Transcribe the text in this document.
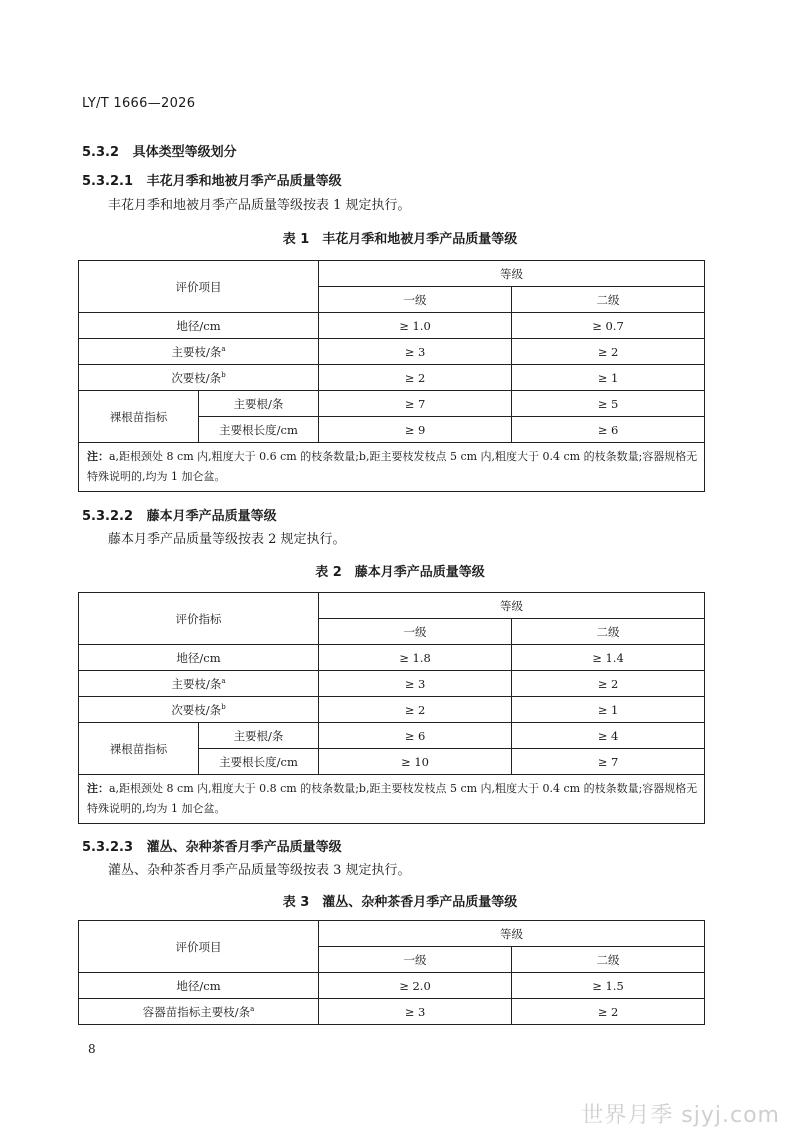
LY/T 1666—2026
5.3.2 具体类型等级划分
5.3.2.1 丰花月季和地被月季产品质量等级
丰花月季和地被月季产品质量等级按表 1 规定执行。
表 1　丰花月季和地被月季产品质量等级
评价项目		等级	
		一级	二级
地径/cm		≥ 1.0	≥ 0.7
主要枝/条$^a$		≥ 3	≥ 2
次要枝/条$^b$		≥ 2	≥ 1
裸根苗指标	主要根/条	≥ 7	≥ 5
	主要根长度/cm	≥ 9	≥ 6
注：a,距根颈处 8 cm 内,粗度大于 0.6 cm 的枝条数量;b,距主要枝发枝点 5 cm 内,粗度大于 0.4 cm 的枝条数量;容器规格无特殊说明的,均为 1 加仑盆。			
5.3.2.2 藤本月季产品质量等级
藤本月季产品质量等级按表 2 规定执行。
表 2　藤本月季产品质量等级
评价指标		等级	
		一级	二级
地径/cm		≥ 1.8	≥ 1.4
主要枝/条$^a$		≥ 3	≥ 2
次要枝/条$^b$		≥ 2	≥ 1
裸根苗指标	主要根/条	≥ 6	≥ 4
	主要根长度/cm	≥ 10	≥ 7
注：a,距根颈处 8 cm 内,粗度大于 0.8 cm 的枝条数量;b,距主要枝发枝点 5 cm 内,粗度大于 0.4 cm 的枝条数量;容器规格无特殊说明的,均为 1 加仑盆。			
5.3.2.3 灌丛、杂种茶香月季产品质量等级
灌丛、杂种茶香月季产品质量等级按表 3 规定执行。
表 3　灌丛、杂种茶香月季产品质量等级
评价项目	等级	
	一级	二级
地径/cm	≥ 2.0	≥ 1.5
容器苗指标主要枝/条$^a$	≥ 3	≥ 2
8
世界月季 sjyj.com
